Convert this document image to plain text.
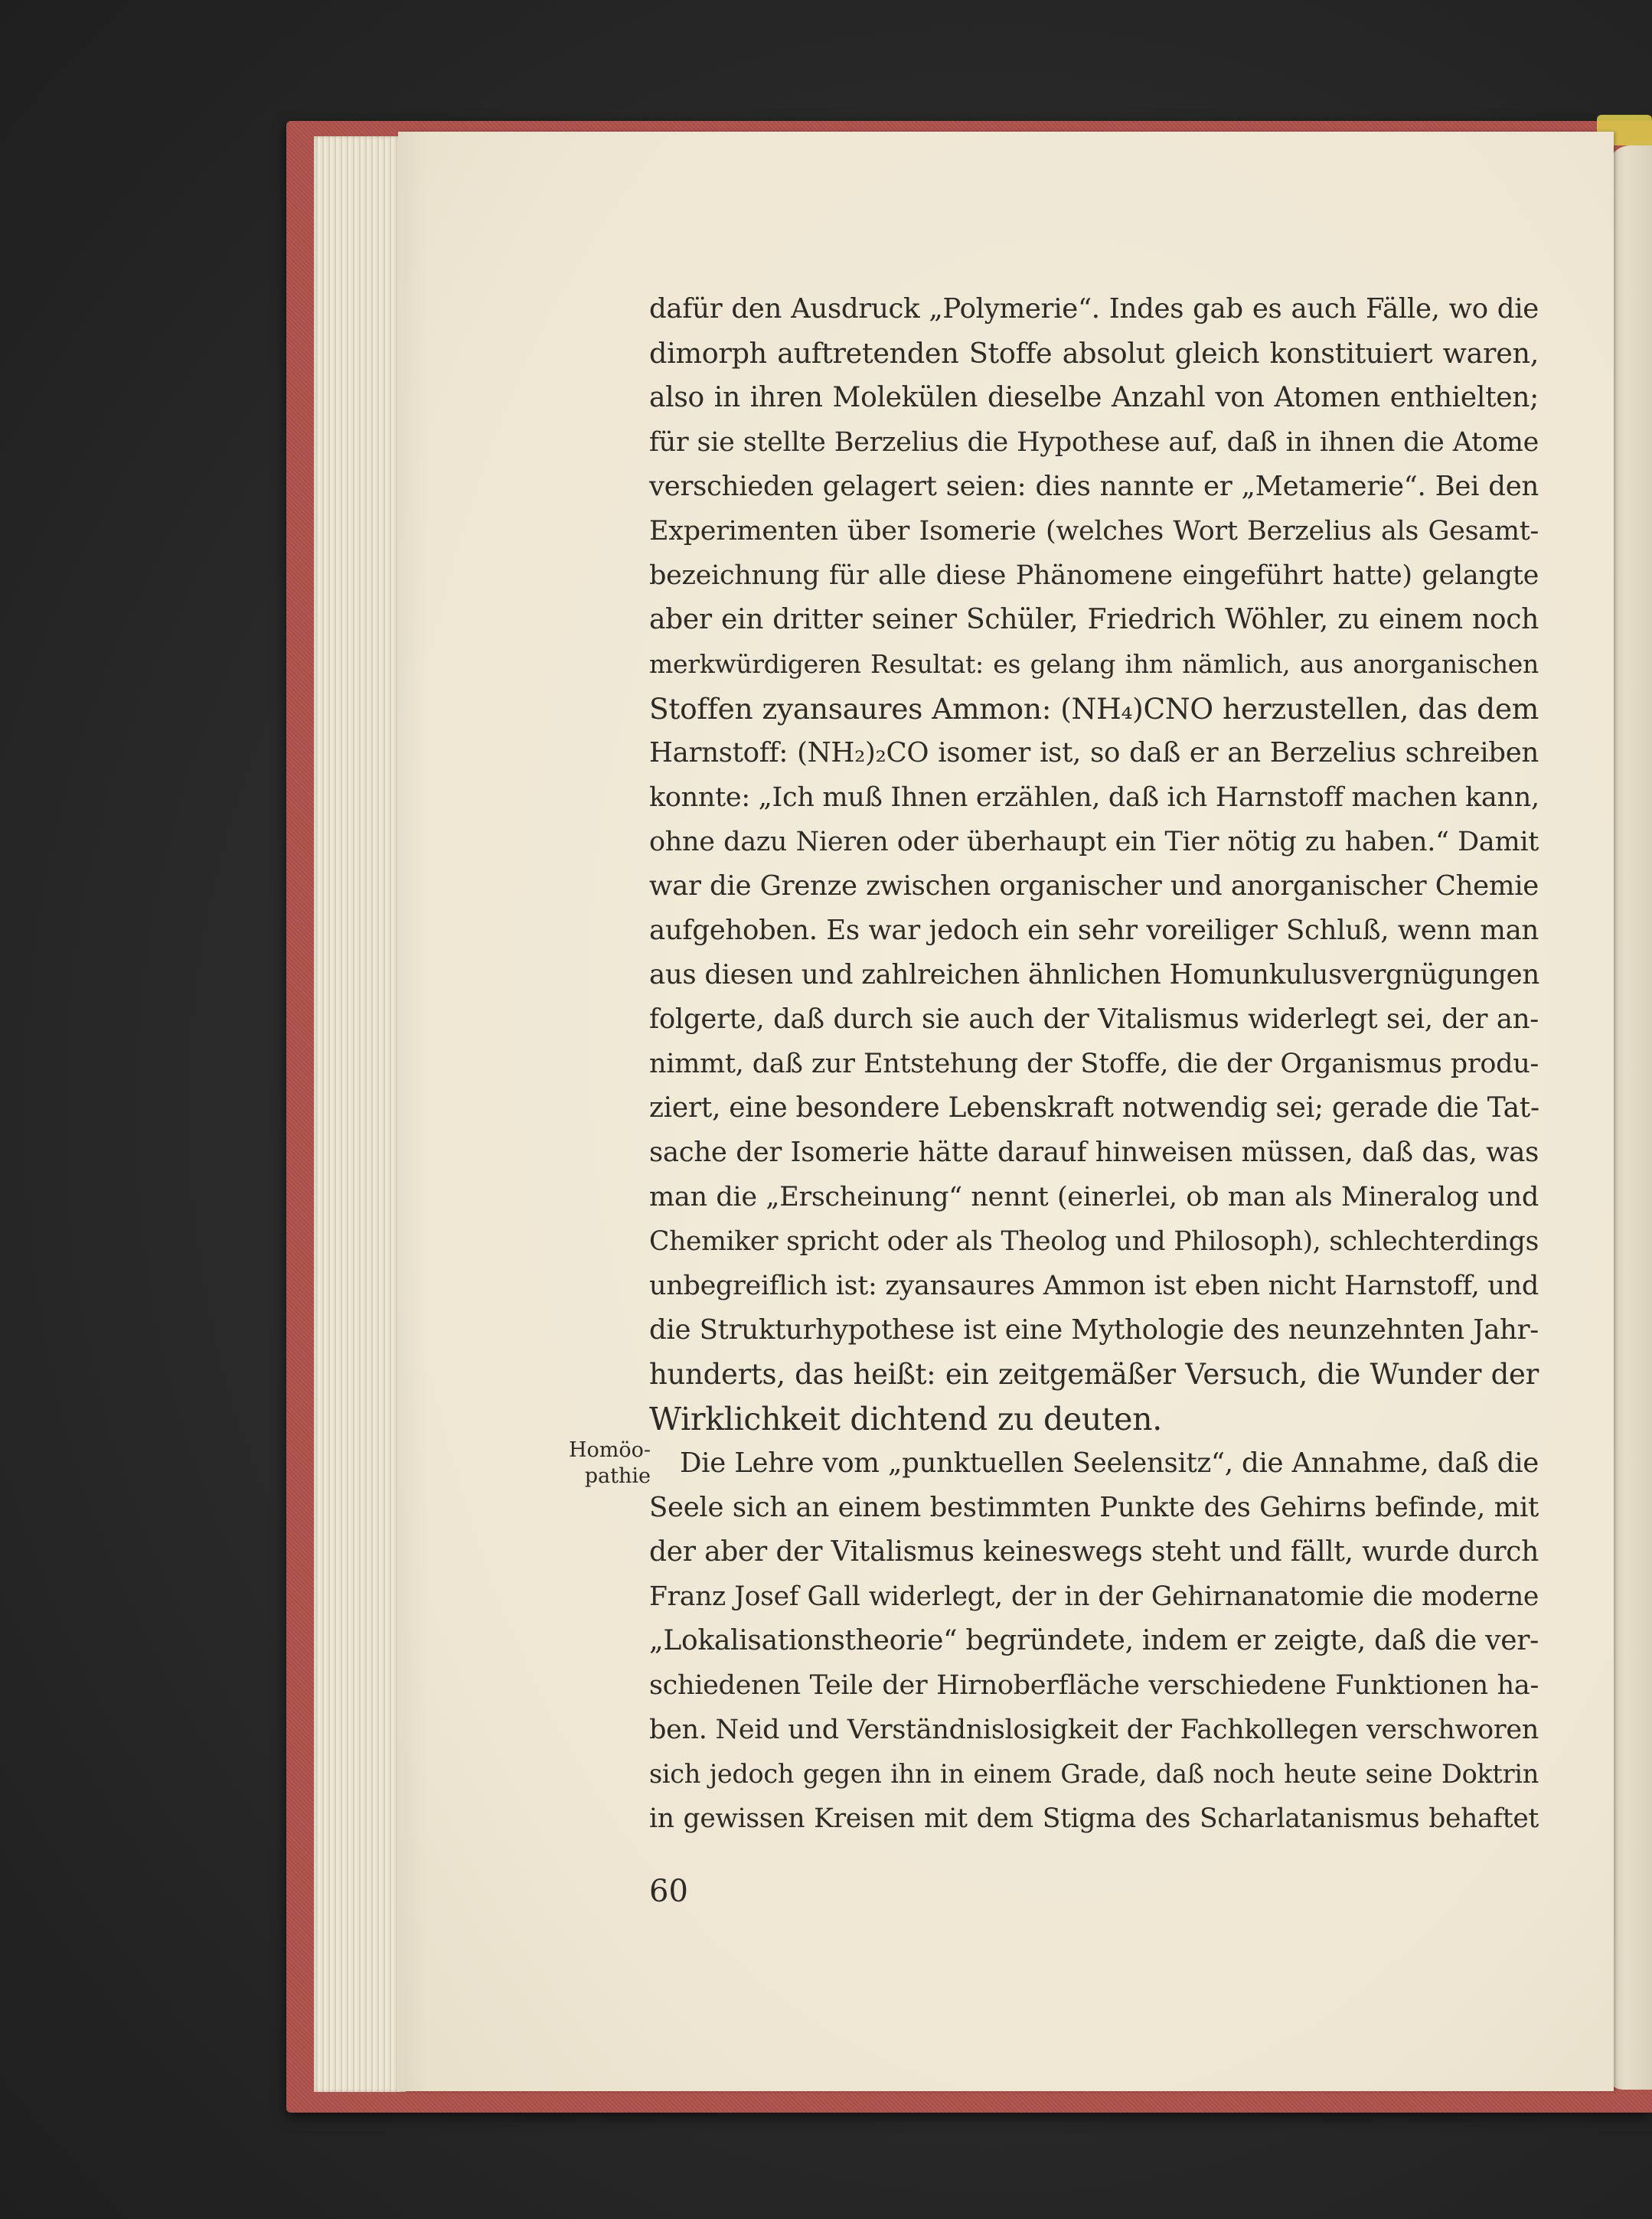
dafür den Ausdruck „Polymerie“. Indes gab es auch Fälle, wo die
dimorph auftretenden Stoffe absolut gleich konstituiert waren,
also in ihren Molekülen dieselbe Anzahl von Atomen enthielten;
für sie stellte Berzelius die Hypothese auf, daß in ihnen die Atome
verschieden gelagert seien: dies nannte er „Metamerie“. Bei den
Experimenten über Isomerie (welches Wort Berzelius als Gesamt-
bezeichnung für alle diese Phänomene eingeführt hatte) gelangte
aber ein dritter seiner Schüler, Friedrich Wöhler, zu einem noch
merkwürdigeren Resultat: es gelang ihm nämlich, aus anorganischen
Stoffen zyansaures Ammon: (NH₄)CNO herzustellen, das dem
Harnstoff: (NH₂)₂CO isomer ist, so daß er an Berzelius schreiben
konnte: „Ich muß Ihnen erzählen, daß ich Harnstoff machen kann,
ohne dazu Nieren oder überhaupt ein Tier nötig zu haben.“ Damit
war die Grenze zwischen organischer und anorganischer Chemie
aufgehoben. Es war jedoch ein sehr voreiliger Schluß, wenn man
aus diesen und zahlreichen ähnlichen Homunkulusvergnügungen
folgerte, daß durch sie auch der Vitalismus widerlegt sei, der an-
nimmt, daß zur Entstehung der Stoffe, die der Organismus produ-
ziert, eine besondere Lebenskraft notwendig sei; gerade die Tat-
sache der Isomerie hätte darauf hinweisen müssen, daß das, was
man die „Erscheinung“ nennt (einerlei, ob man als Mineralog und
Chemiker spricht oder als Theolog und Philosoph), schlechterdings
unbegreiflich ist: zyansaures Ammon ist eben nicht Harnstoff, und
die Strukturhypothese ist eine Mythologie des neunzehnten Jahr-
hunderts, das heißt: ein zeitgemäßer Versuch, die Wunder der
Wirklichkeit dichtend zu deuten.
Die Lehre vom „punktuellen Seelensitz“, die Annahme, daß die
Seele sich an einem bestimmten Punkte des Gehirns befinde, mit
der aber der Vitalismus keineswegs steht und fällt, wurde durch
Franz Josef Gall widerlegt, der in der Gehirnanatomie die moderne
„Lokalisationstheorie“ begründete, indem er zeigte, daß die ver-
schiedenen Teile der Hirnoberfläche verschiedene Funktionen ha-
ben. Neid und Verständnislosigkeit der Fachkollegen verschworen
sich jedoch gegen ihn in einem Grade, daß noch heute seine Doktrin
in gewissen Kreisen mit dem Stigma des Scharlatanismus behaftet
Homöo-
pathie
60
